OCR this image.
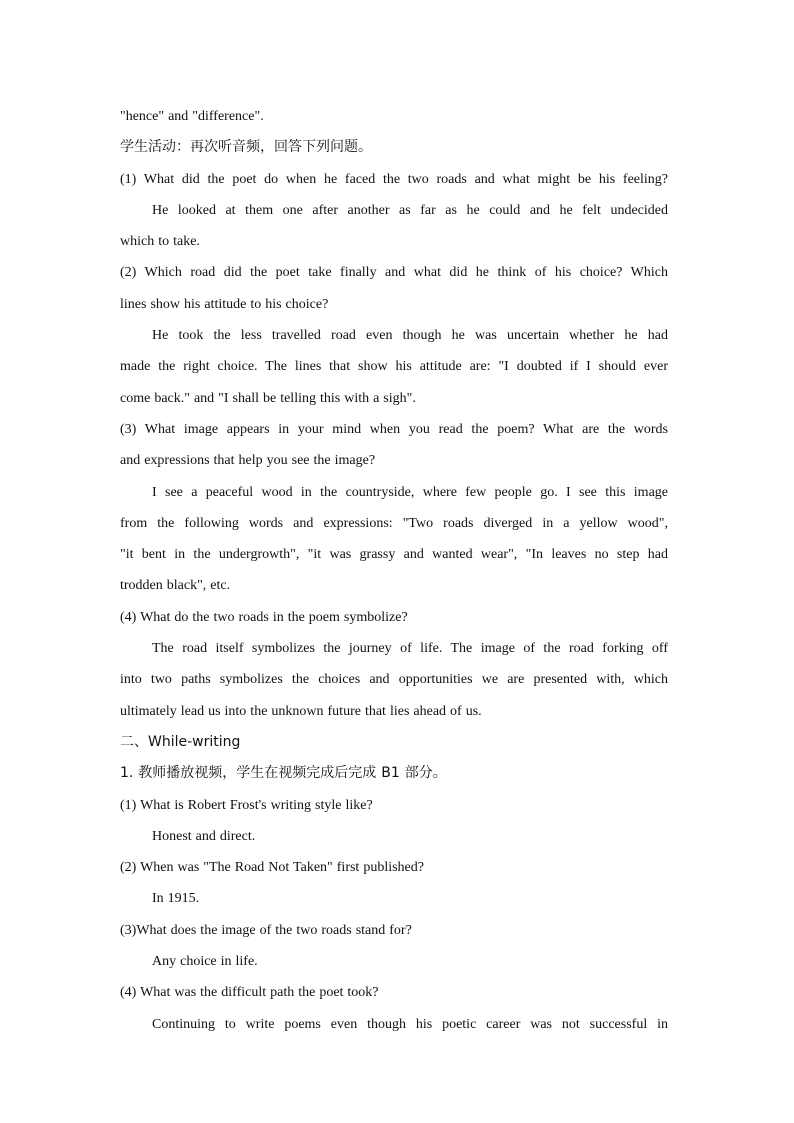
"hence" and "difference".
学生活动：再次听音频，回答下列问题。
(1) What did the poet do when he faced the two roads and what might be his feeling?
He looked at them one after another as far as he could and he felt undecided
which to take.
(2) Which road did the poet take finally and what did he think of his choice? Which
lines show his attitude to his choice?
He took the less travelled road even though he was uncertain whether he had
made the right choice. The lines that show his attitude are: "I doubted if I should ever
come back." and "I shall be telling this with a sigh".
(3) What image appears in your mind when you read the poem? What are the words
and expressions that help you see the image?
I see a peaceful wood in the countryside, where few people go. I see this image
from the following words and expressions: "Two roads diverged in a yellow wood",
"it bent in the undergrowth", "it was grassy and wanted wear", "In leaves no step had
trodden black", etc.
(4) What do the two roads in the poem symbolize?
The road itself symbolizes the journey of life. The image of the road forking off
into two paths symbolizes the choices and opportunities we are presented with, which
ultimately lead us into the unknown future that lies ahead of us.
二、While-writing
1. 教师播放视频，学生在视频完成后完成 B1 部分。
(1) What is Robert Frost's writing style like?
Honest and direct.
(2) When was "The Road Not Taken" first published?
In 1915.
(3)What does the image of the two roads stand for?
Any choice in life.
(4) What was the difficult path the poet took?
Continuing to write poems even though his poetic career was not successful in
